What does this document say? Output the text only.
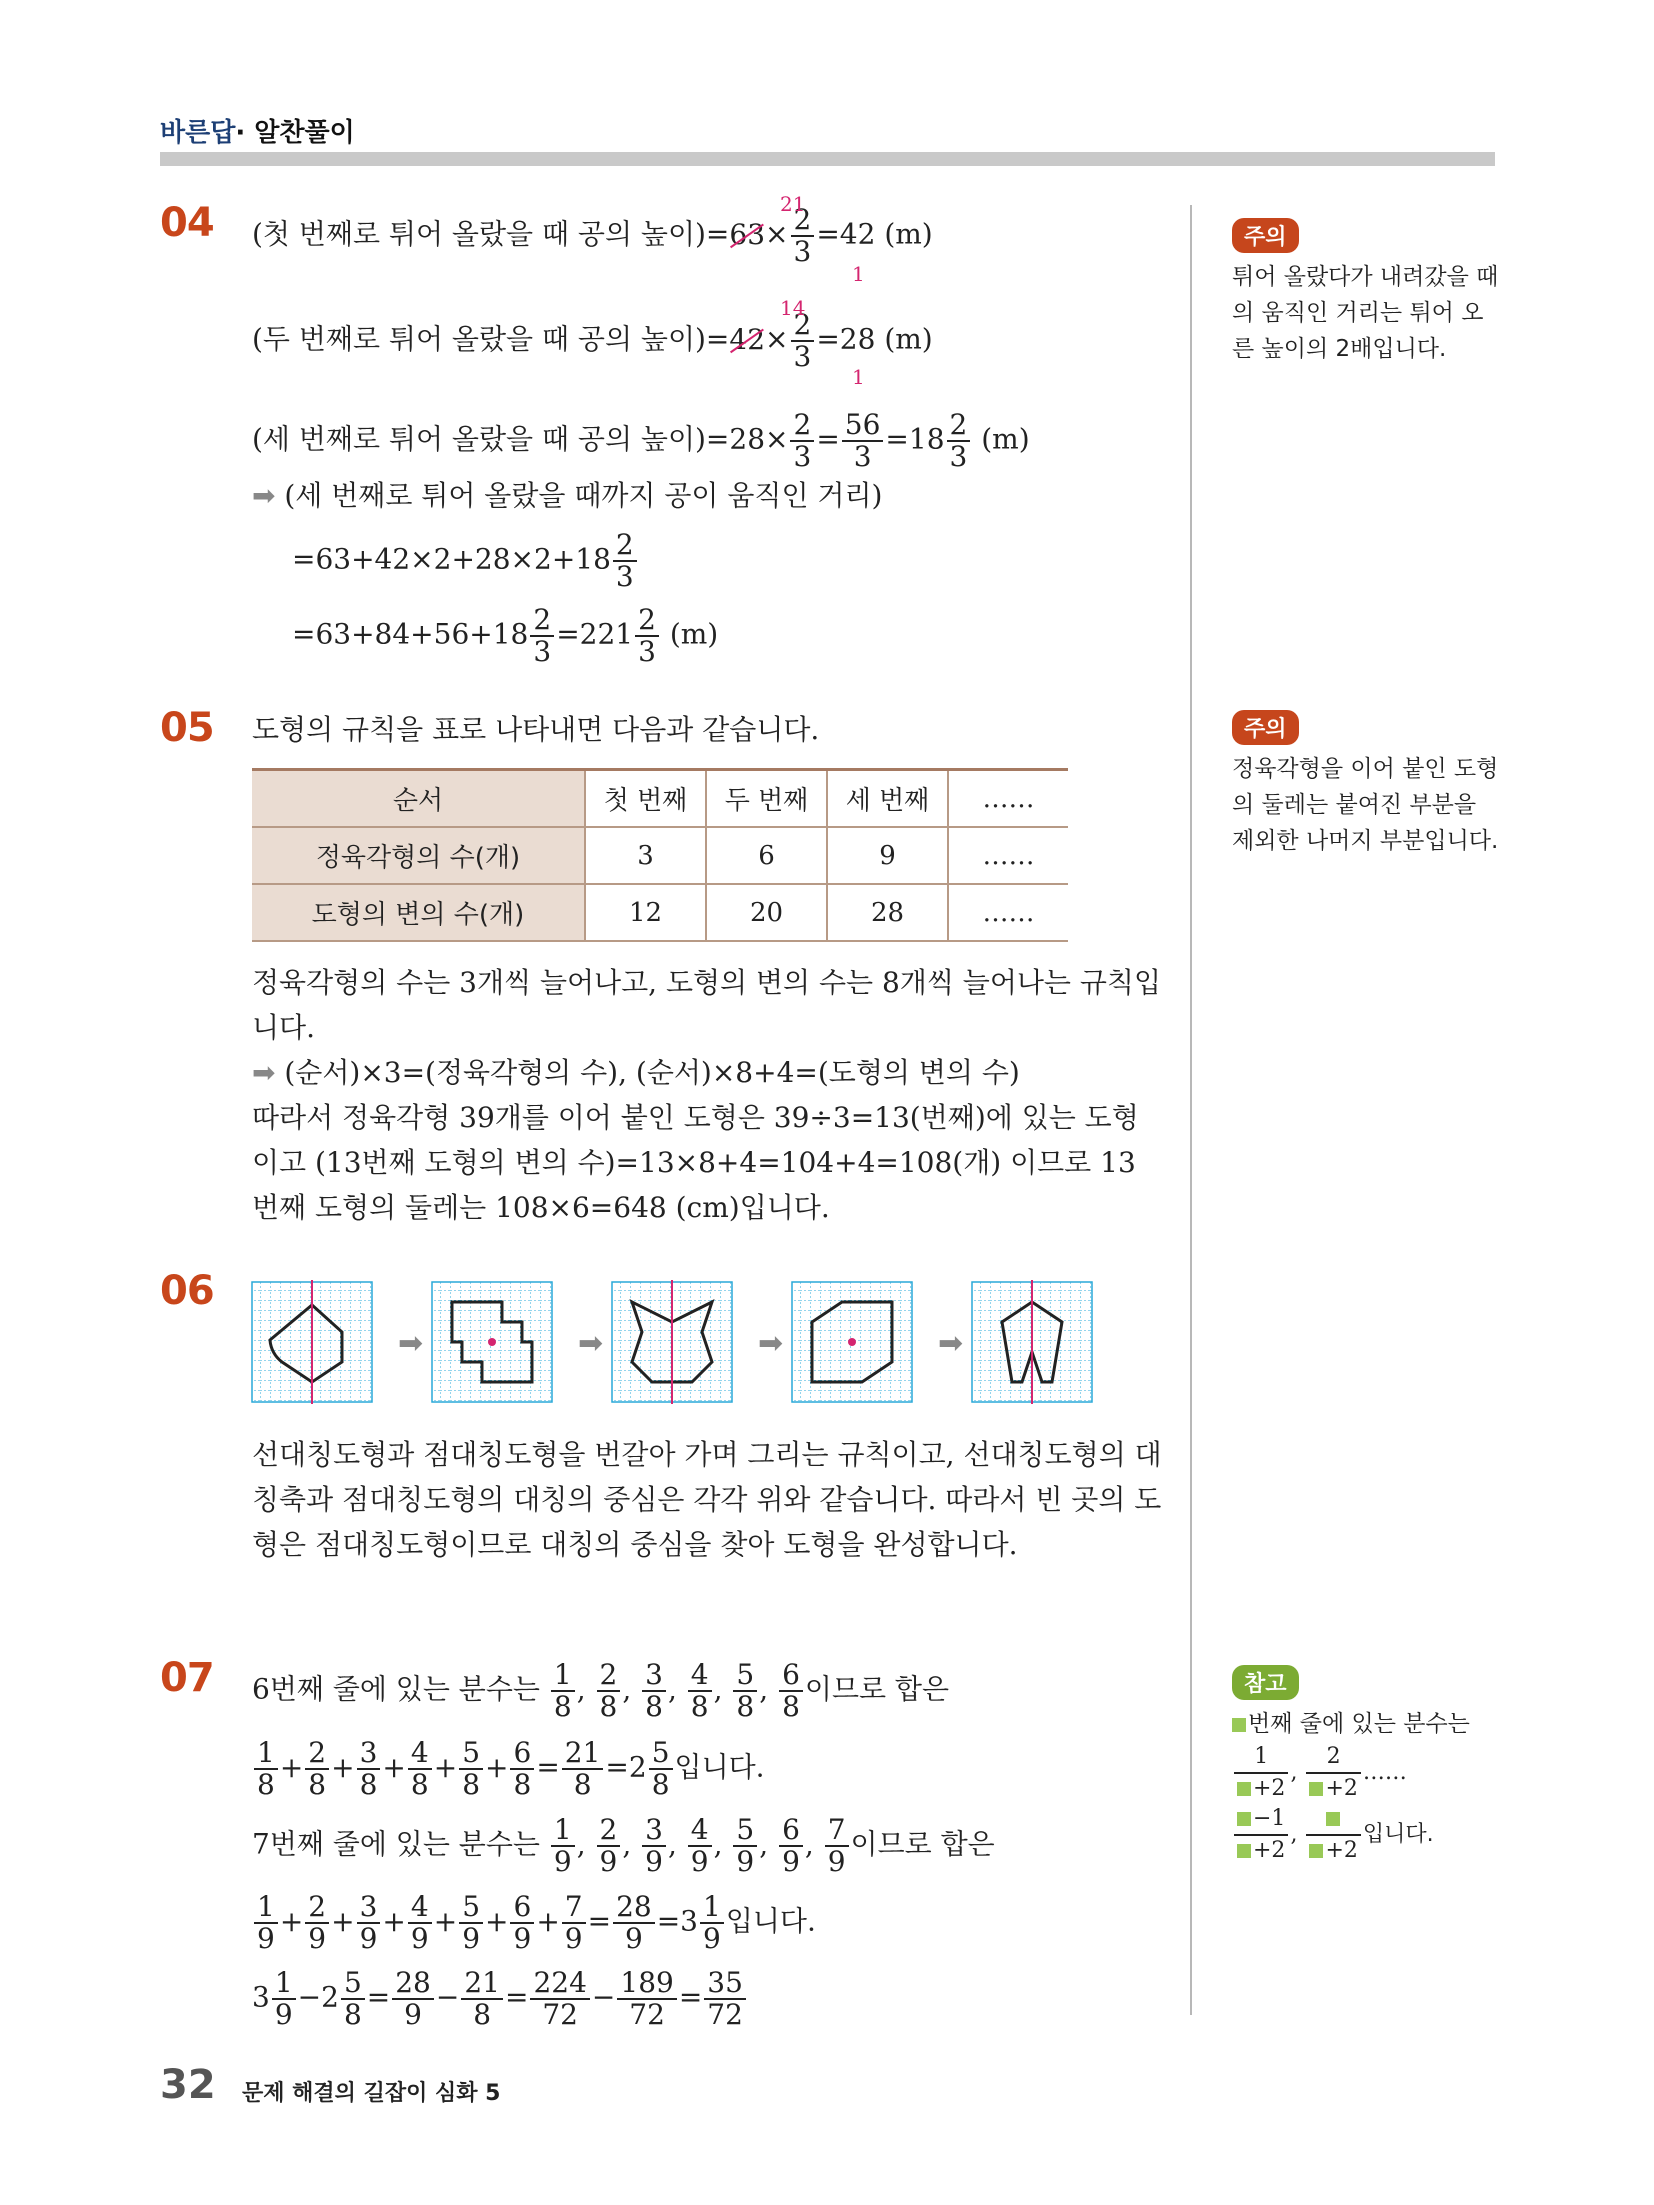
바른답· 알찬풀이
04 (첫 번째로 튀어 올랐을 때 공의 높이)$=63\times \frac{2}{3} =42$ (m)
21
1
(두 번째로 튀어 올랐을 때 공의 높이)$=42\times \frac{2}{3} =28$ (m)
14
1
(세 번째로 튀어 올랐을 때 공의 높이)$=28\times \frac{2}{3} = \frac{56}{3} =18 \frac{2}{3} (m)$
➡ (세 번째로 튀어 올랐을 때까지 공이 움직인 거리)
$=63+42\times 2+28\times 2+18 \frac{2}{3}$
$=63+84+56+18 \frac{2}{3} =221 \frac{2}{3} (m)$
05 도형의 규칙을 표로 나타내면 다음과 같습니다.
순서	첫 번째	두 번째	세 번째	……
정육각형의 수(개)	3	6	9	……
도형의 변의 수(개)	12	20	28	……
정육각형의 수는 3개씩 늘어나고, 도형의 변의 수는 8개씩 늘어나는 규칙입니다.
➡ (순서)×3=(정육각형의 수), (순서)×8+4=(도형의 변의 수)
따라서 정육각형 39개를 이어 붙인 도형은 39÷3=13(번째)에 있는 도형이고 (13번째 도형의 변의 수)=13×8+4=104+4=108(개) 이므로 13번째 도형의 둘레는 108×6=648 (cm)입니다.
06
➡	➡	➡	➡
선대칭도형과 점대칭도형을 번갈아 가며 그리는 규칙이고, 선대칭도형의 대칭축과 점대칭도형의 대칭의 중심은 각각 위와 같습니다. 따라서 빈 곳의 도형은 점대칭도형이므로 대칭의 중심을 찾아 도형을 완성합니다.
07 6번째 줄에 있는 분수는 $\frac{1}{8}$ , $\frac{2}{8}$ , $\frac{3}{8}$ , $\frac{4}{8}$ , $\frac{5}{8}$ , $\frac{6}{8}$ 이므로 합은
$\frac{1}{8} + \frac{2}{8} + \frac{3}{8} + \frac{4}{8} + \frac{5}{8} + \frac{6}{8} = \frac{21}{8} =2 \frac{5}{8}$ 입니다.
7번째 줄에 있는 분수는 $\frac{1}{9}$ , $\frac{2}{9}$ , $\frac{3}{9}$ , $\frac{4}{9}$ , $\frac{5}{9}$ , $\frac{6}{9}$ , $\frac{7}{9}$ 이므로 합은
$\frac{1}{9} + \frac{2}{9} + \frac{3}{9} + \frac{4}{9} + \frac{5}{9} + \frac{6}{9} + \frac{7}{9} = \frac{28}{9} =3 \frac{1}{9}$ 입니다.
$3 \frac{1}{9} -2 \frac{5}{8} = \frac{28}{9} - \frac{21}{8} = \frac{224}{72} - \frac{189}{72} = \frac{35}{72}$
주의
튀어 올랐다가 내려갔을 때의 움직인 거리는 튀어 오른 높이의 2배입니다.
주의
정육각형을 이어 붙인 도형의 둘레는 붙여진 부분을 제외한 나머지 부분입니다.
참고
번째 줄에 있는 분수는
$\frac{1}{+2}$ , $\frac{2}{+2}$ ……

$\frac{-1}{+2}$ ,
+2
입니다.
32 문제 해결의 길잡이 심화 5
